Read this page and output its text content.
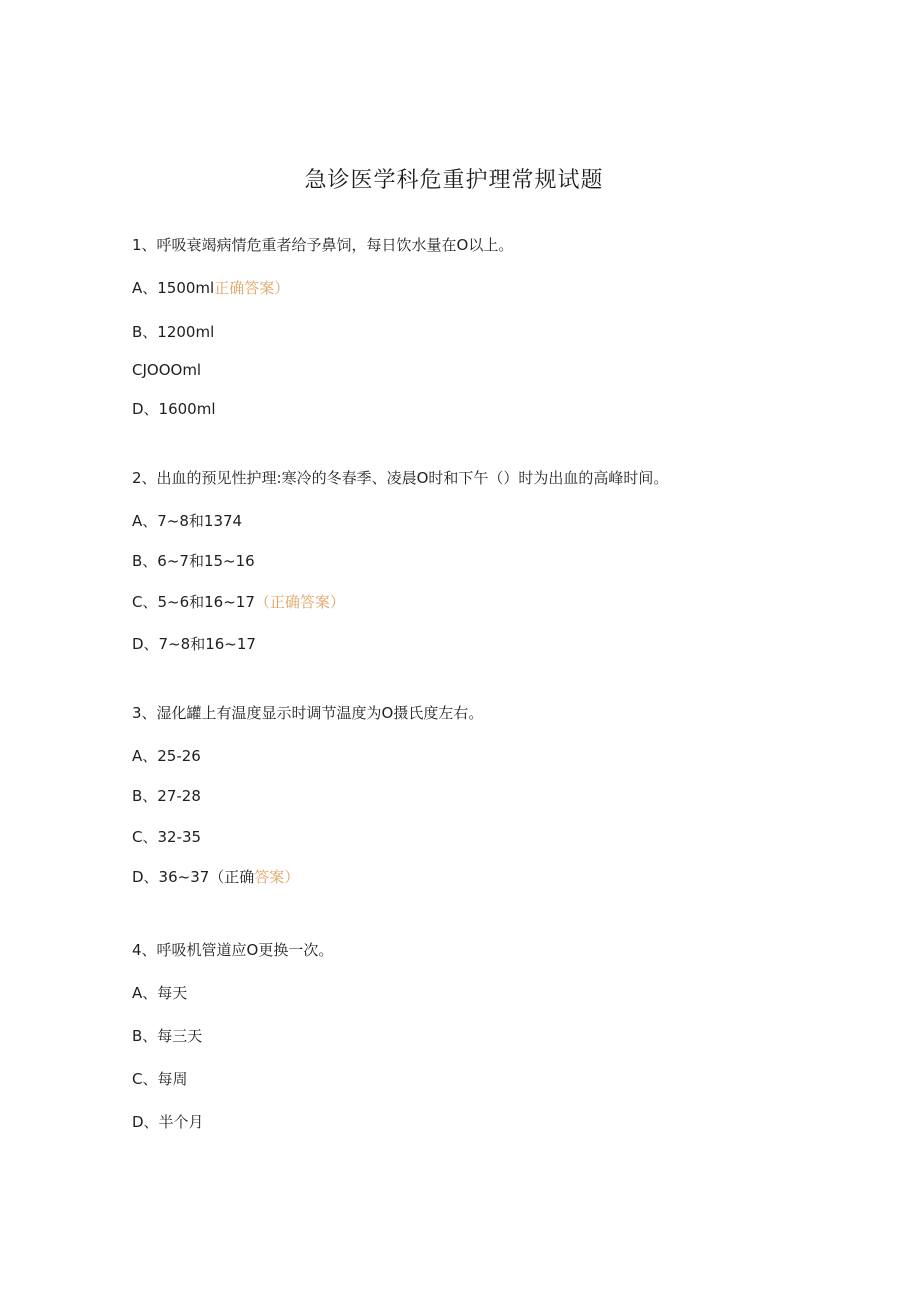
急诊医学科危重护理常规试题
1、呼吸衰竭病情危重者给予鼻饲，每日饮水量在O以上。
A、1500ml正确答案）
B、1200ml
CJOOOml
D、1600ml
2、出血的预见性护理:寒冷的冬春季、凌晨O时和下午（）时为出血的高峰时间。
A、7~8和1374
B、6~7和15~16
C、5~6和16~17（正确答案）
D、7~8和16~17
3、湿化罐上有温度显示时调节温度为O摄氏度左右。
A、25-26
B、27-28
C、32-35
D、36~37（正确答案）
4、呼吸机管道应O更换一次。
A、每天
B、每三天
C、每周
D、半个月
